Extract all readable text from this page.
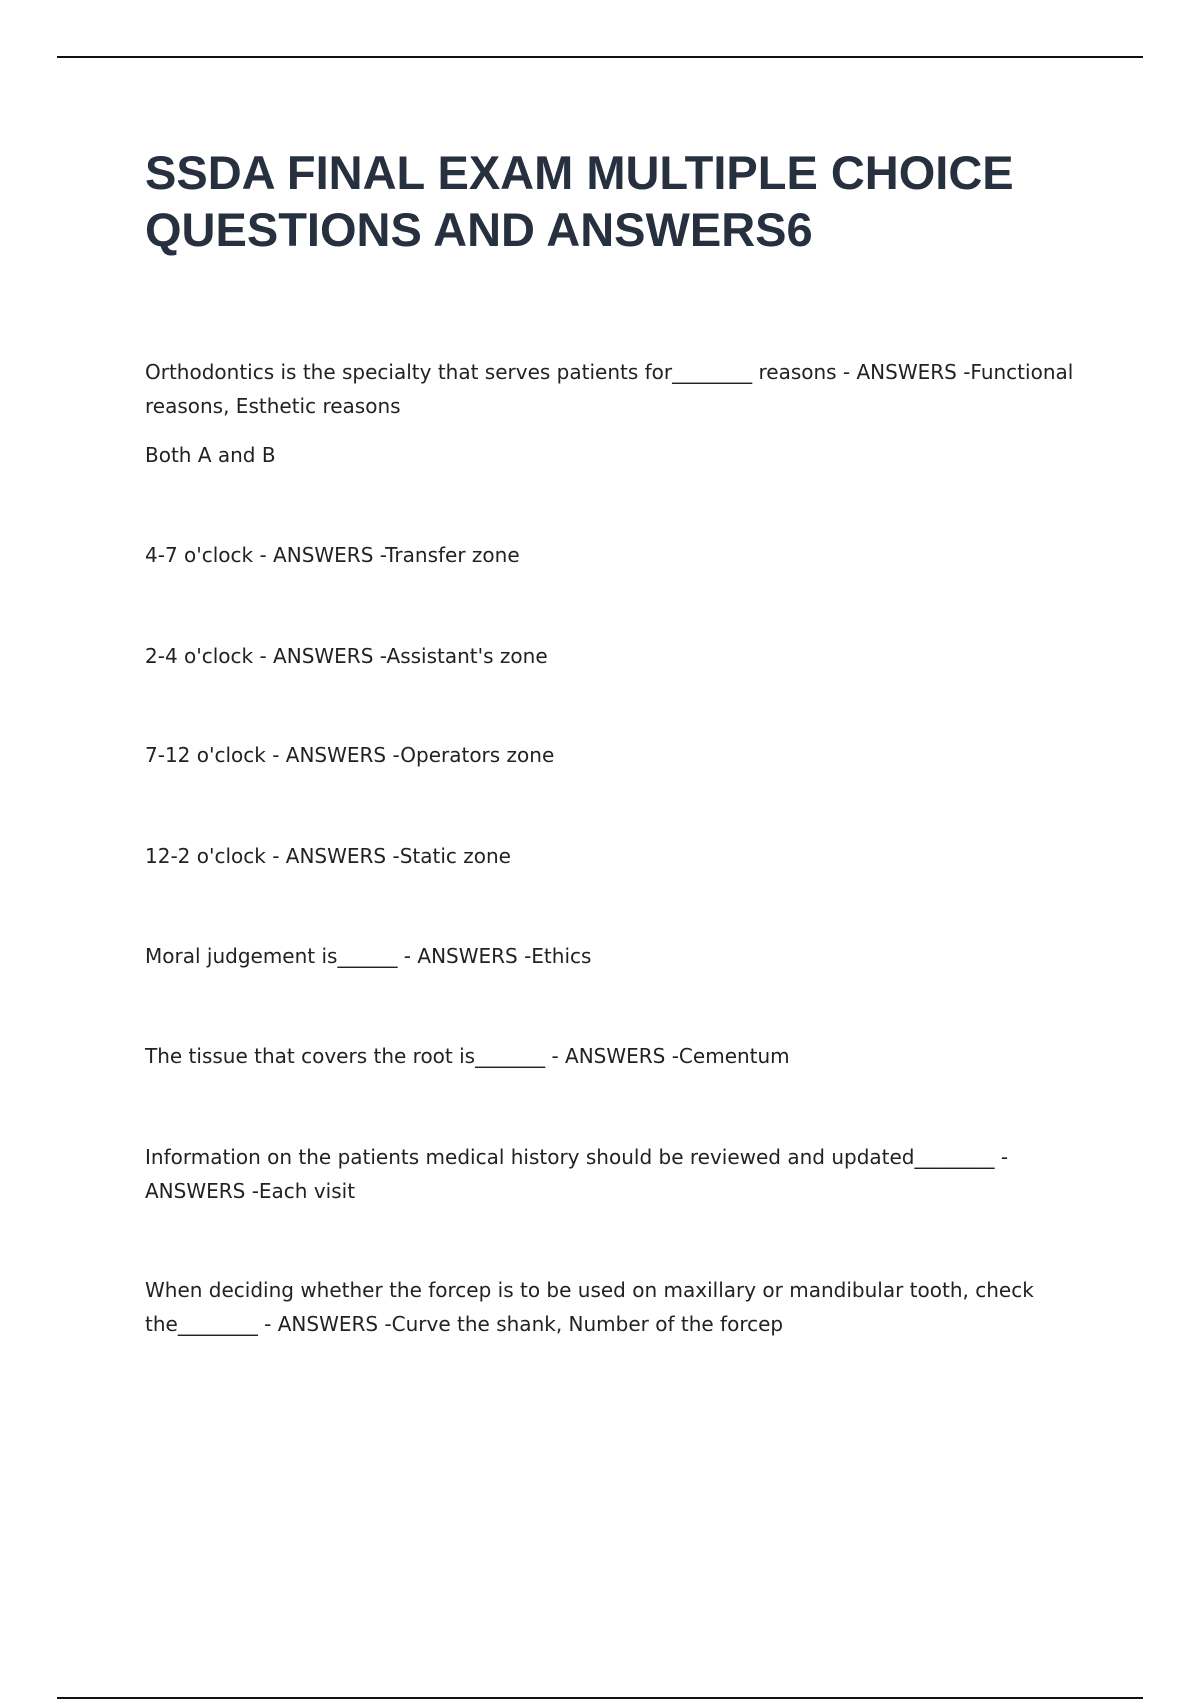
SSDA FINAL EXAM MULTIPLE CHOICE QUESTIONS AND ANSWERS6

Orthodontics is the specialty that serves patients for________ reasons - ANSWERS -Functional reasons, Esthetic reasons

Both A and B

4-7 o'clock - ANSWERS -Transfer zone

2-4 o'clock - ANSWERS -Assistant's zone

7-12 o'clock - ANSWERS -Operators zone

12-2 o'clock - ANSWERS -Static zone

Moral judgement is______ - ANSWERS -Ethics

The tissue that covers the root is_______ - ANSWERS -Cementum

Information on the patients medical history should be reviewed and updated________ - ANSWERS -Each visit

When deciding whether the forcep is to be used on maxillary or mandibular tooth, check the________ - ANSWERS -Curve the shank, Number of the forcep
